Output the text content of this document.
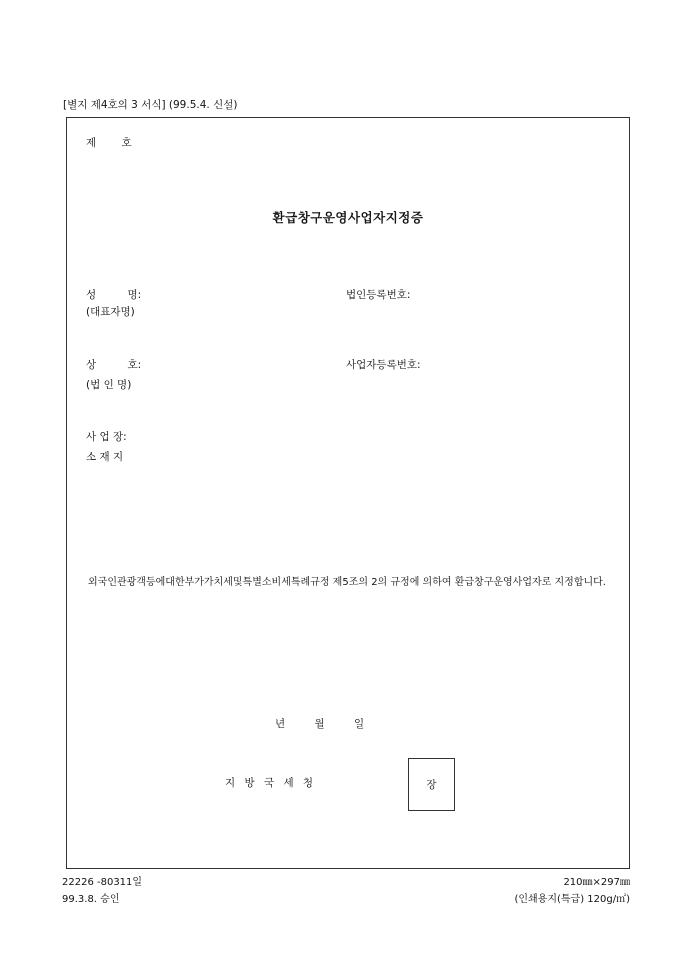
[별지 제4호의 3 서식] (99.5.4. 신설)
제 호
환급창구운영사업자지정증
성 명:
(대표자명)
법인등록번호:
상 호:
(법 인 명)
사업자등록번호:
사 업 장:
소 재 지
외국인관광객등에대한부가가치세및특별소비세특례규정 제5조의 2의 규정에 의하여 환급창구운영사업자로 지정합니다.
년 월 일
지 방 국 세 청	장
22226 -80311일
99.3.8. 승인
210㎜×297㎜
(인쇄용지(특급) 120g/㎡)
